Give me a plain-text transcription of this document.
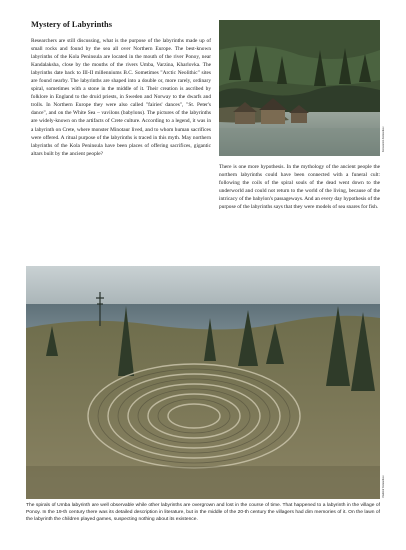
Mystery of Labyrinths
Researchers are still discussing, what is the purpose of the labyrinths made up of small rocks and found by the sea all over Northern Europe. The best-known labyrinths of the Kola Peninsula are located in the mouth of the river Ponoy, near Kandalaksha, close by the mouths of the rivers Umba, Varzina, Kharlovka. The labyrinths date back to III-II millenniums B.C. Sometimes "Arctic Neolithic" sites are found nearby. The labyrinths are shaped into a double or, more rarely, ordinary spiral, sometimes with a stone in the middle of it. Their creation is ascribed by folklore in England to the druid priests, in Sweden and Norway to the dwarfs and trolls. In Northern Europe they were also called "fairies' dances", "St. Peter's dance", and on the White Sea – vavilons (babylons). The pictures of the labyrinths are widely-known on the artifacts of Crete culture. According to a legend, it was in a labyrinth on Crete, where monster Minotaur lived, and to whom human sacrifices were offered. A ritual purpose of the labyrinths is traced in this myth. May northern labyrinths of the Kola Peninsula have been places of offering sacrifices, gigantic altars built by the ancient people?
Konstantin Kolesnikov
There is one more hypothesis. In the mythology of the ancient people the northern labyrinths could have been connected with a funeral cult: following the coils of the spiral souls of the dead went down to the underworld and could not return to the world of the living, because of the intricacy of the babylon's passageways. And an every day hypothesis of the purpose of the labyrinths says that they were models of sea snares for fish.
Vladimir Kolesnikov
The spirals of Umba labyrinth are well observable while other labyrinths are overgrown and lost in the course of time. That happened to a labyrinth in the village of Ponoy. In the 19-th century there was its detailed description in literature, but in the middle of the 20-th century the villagers had dim memories of it. On the lawn of the labyrinth the children played games, suspecting nothing about its existence.
